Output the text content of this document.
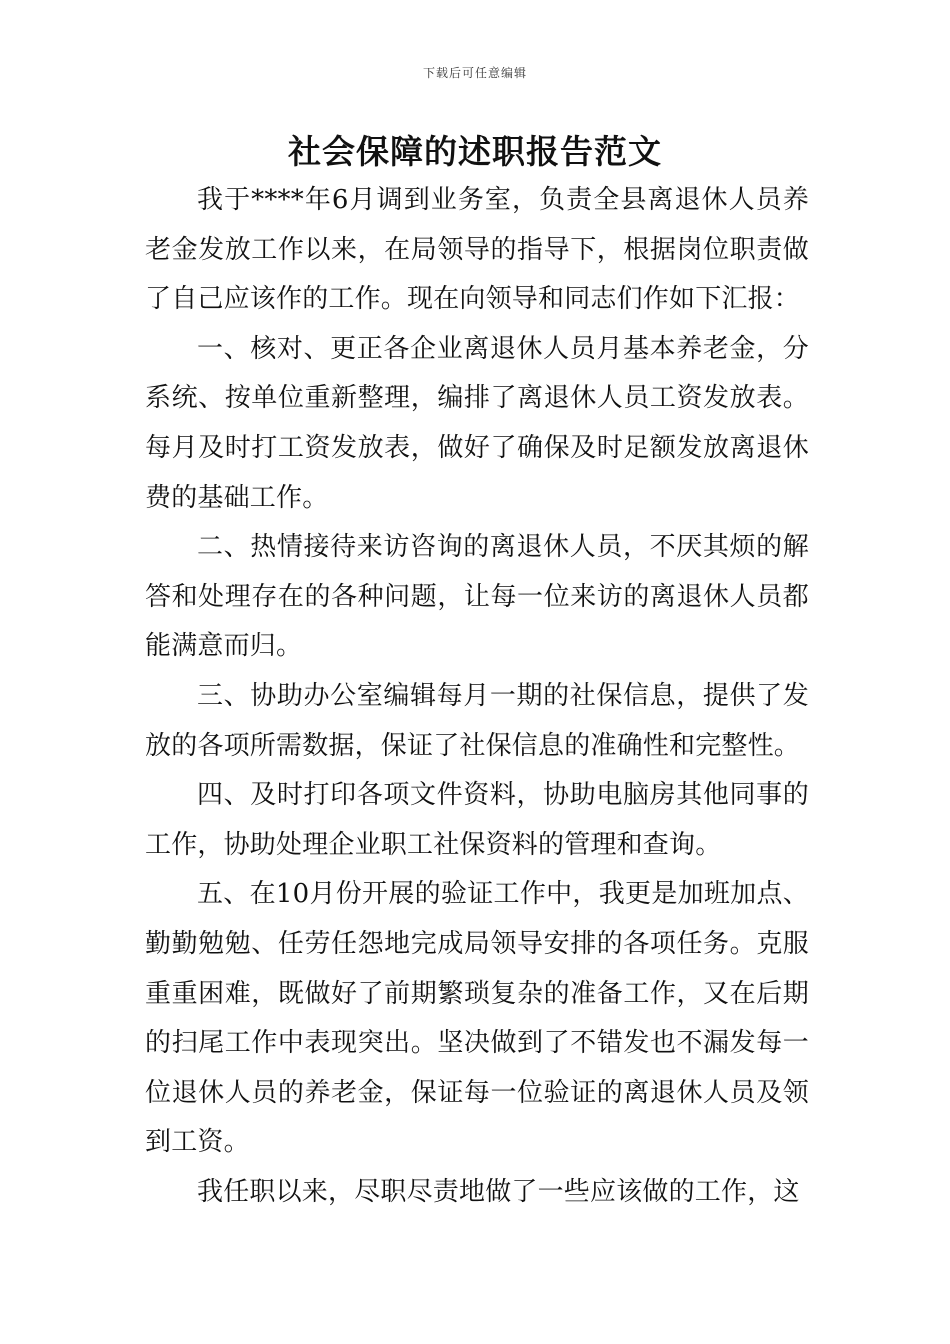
下载后可任意编辑
社会保障的述职报告范文

我于****年6月调到业务室，负责全县离退休人员养老金发放工作以来，在局领导的指导下，根据岗位职责做了自己应该作的工作。现在向领导和同志们作如下汇报：

一、核对、更正各企业离退休人员月基本养老金，分系统、按单位重新整理，编排了离退休人员工资发放表。每月及时打工资发放表，做好了确保及时足额发放离退休费的基础工作。

二、热情接待来访咨询的离退休人员，不厌其烦的解答和处理存在的各种问题，让每一位来访的离退休人员都能满意而归。

三、协助办公室编辑每月一期的社保信息，提供了发放的各项所需数据，保证了社保信息的准确性和完整性。

四、及时打印各项文件资料，协助电脑房其他同事的工作，协助处理企业职工社保资料的管理和查询。

五、在10月份开展的验证工作中，我更是加班加点、勤勤勉勉、任劳任怨地完成局领导安排的各项任务。克服重重困难，既做好了前期繁琐复杂的准备工作，又在后期的扫尾工作中表现突出。坚决做到了不错发也不漏发每一位退休人员的养老金，保证每一位验证的离退休人员及领到工资。

我任职以来，尽职尽责地做了一些应该做的工作，这
